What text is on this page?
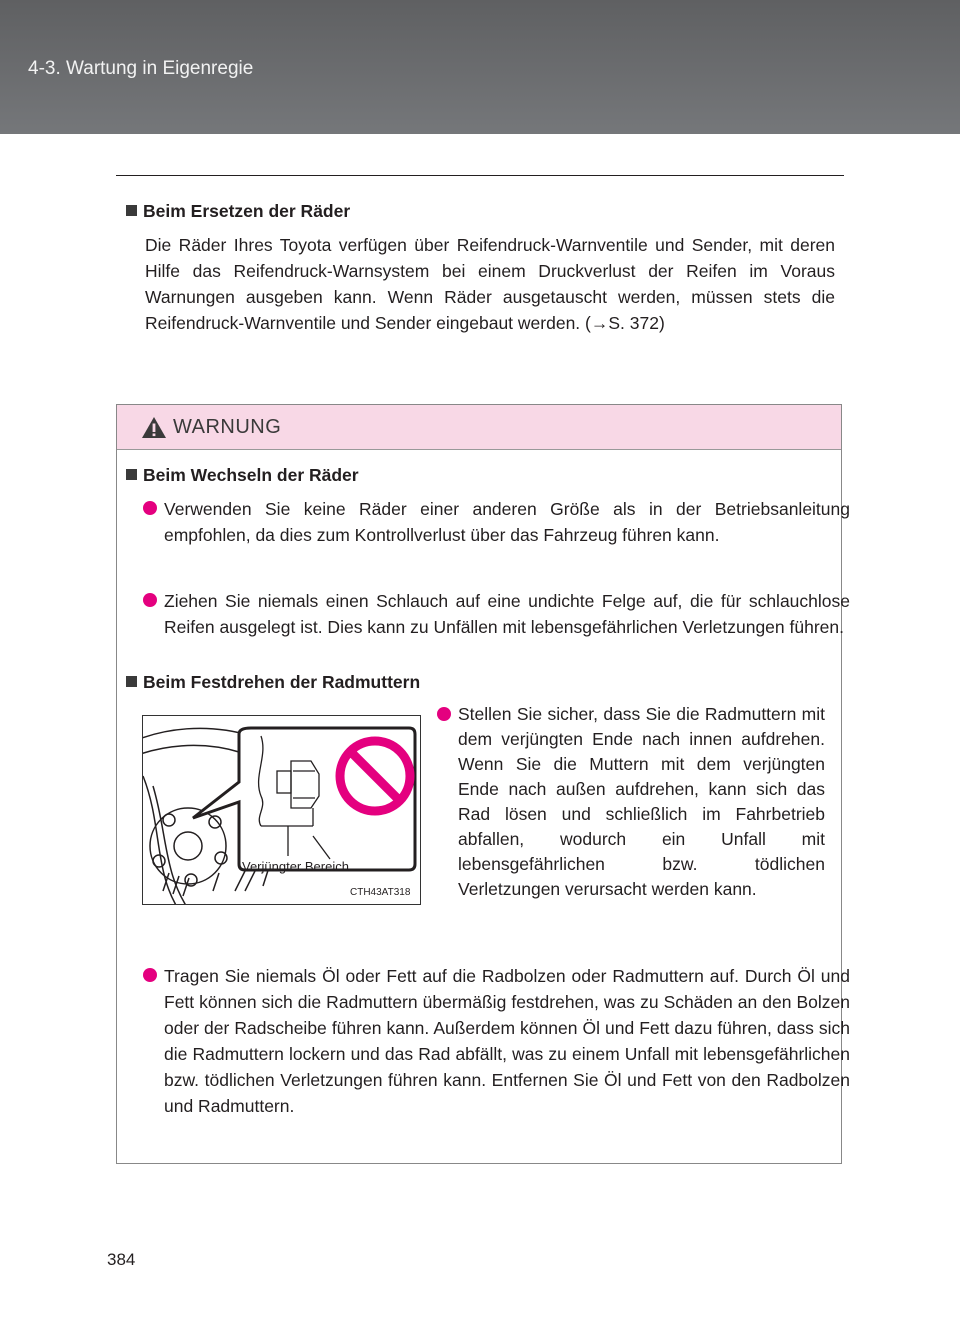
4-3. Wartung in Eigenregie
Beim Ersetzen der Räder
Die Räder Ihres Toyota verfügen über Reifendruck-Warnventile und Sender, mit deren Hilfe das Reifendruck-Warnsystem bei einem Druckverlust der Reifen im Voraus Warnungen ausgeben kann. Wenn Räder ausgetauscht werden, müssen stets die Reifendruck-Warnventile und Sender eingebaut werden. (→S. 372)
WARNUNG
Beim Wechseln der Räder
Verwenden Sie keine Räder einer anderen Größe als in der Betriebsanleitung empfohlen, da dies zum Kontrollverlust über das Fahrzeug führen kann.
Ziehen Sie niemals einen Schlauch auf eine undichte Felge auf, die für schlauchlose Reifen ausgelegt ist. Dies kann zu Unfällen mit lebensgefährlichen Verletzungen führen.
Beim Festdrehen der Radmuttern
Verjüngter Bereich
CTH43AT318
Stellen Sie sicher, dass Sie die Radmuttern mit dem verjüngten Ende nach innen aufdrehen. Wenn Sie die Muttern mit dem verjüngten Ende nach außen aufdrehen, kann sich das Rad lösen und schließlich im Fahrbetrieb abfallen, wodurch ein Unfall mit lebensgefährlichen bzw. tödlichen Verletzungen verursacht werden kann.
Tragen Sie niemals Öl oder Fett auf die Radbolzen oder Radmuttern auf. Durch Öl und Fett können sich die Radmuttern übermäßig festdrehen, was zu Schäden an den Bolzen oder der Radscheibe führen kann. Außerdem können Öl und Fett dazu führen, dass sich die Radmuttern lockern und das Rad abfällt, was zu einem Unfall mit lebensgefährlichen bzw. tödlichen Verletzungen führen kann. Entfernen Sie Öl und Fett von den Radbolzen und Radmuttern.
384
